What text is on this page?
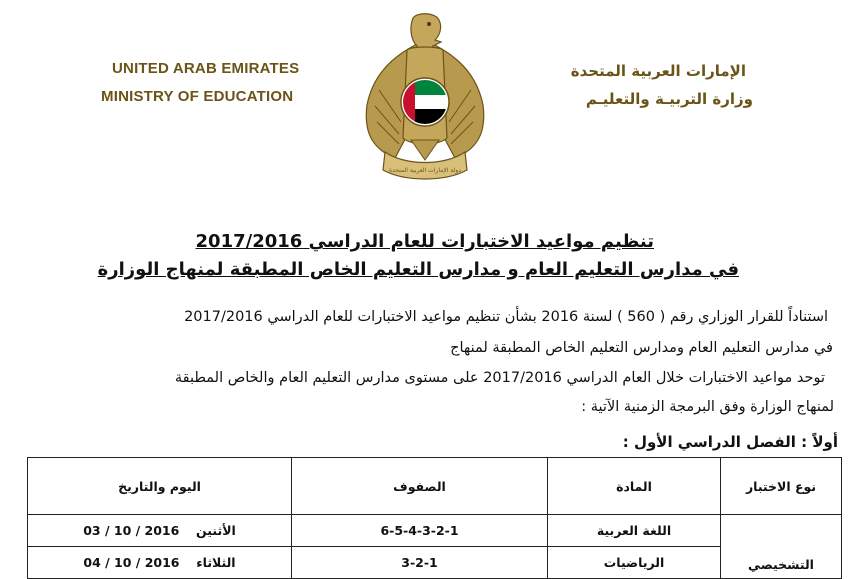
UNITED ARAB EMIRATES
MINISTRY OF EDUCATION
الإمارات العربية المتحدة
وزارة التربيـة والتعليـم
دولة الإمارات العربية المتحدة
تنظيم مواعيد الاختبارات للعام الدراسي 2017/2016
في مدارس التعليم العام و مدارس التعليم الخاص المطبقة لمنهاج الوزارة
استناداً للقرار الوزاري رقم ( 560 ) لسنة 2016 بشأن تنظيم مواعيد الاختبارات للعام الدراسي 2017/2016
في مدارس التعليم العام ومدارس التعليم الخاص المطبقة لمنهاج
توحد مواعيد الاختبارات خلال العام الدراسي 2017/2016 على مستوى مدارس التعليم العام والخاص المطبقة
لمنهاج الوزارة وفق البرمجة الزمنية الآتية :
أولاً : الفصل الدراسي الأول :
اليوم والتاريخ	الصفوف	المادة	نوع الاختبار
03 / 10 / 2016 الأثنين	6-5-4-3-2-1	اللغة العربية	التشخيصي
04 / 10 / 2016 الثلاثاء	3-2-1	الرياضيات	
